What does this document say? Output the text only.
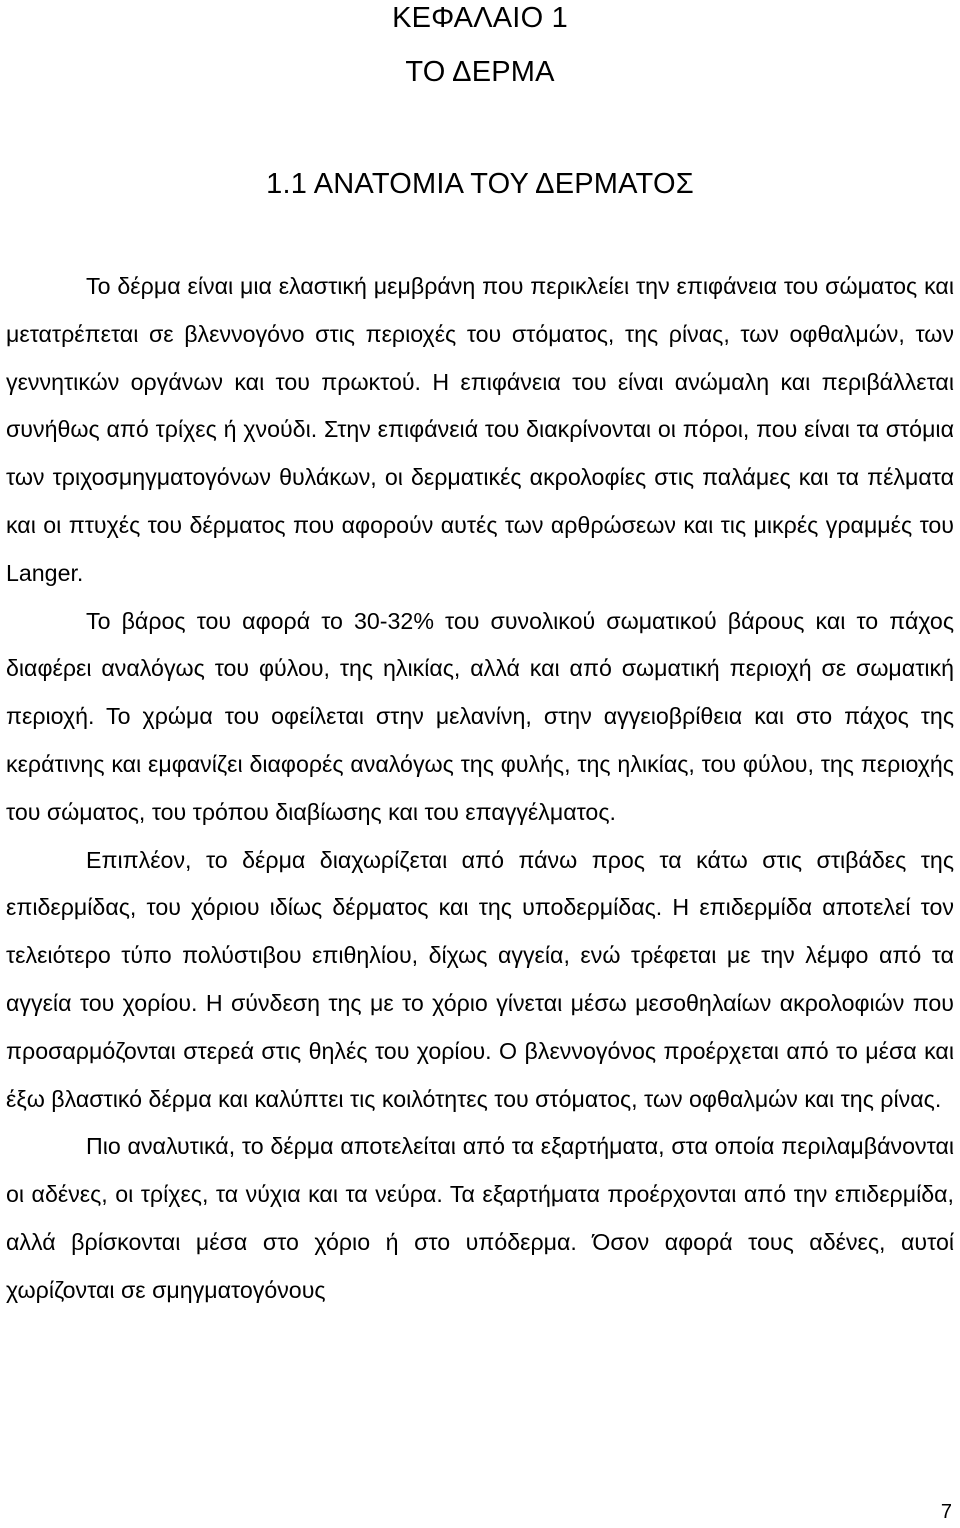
ΚΕΦΑΛΑΙΟ 1
ΤΟ ΔΕΡΜΑ
1.1 ΑΝΑΤΟΜΙΑ ΤΟΥ ΔΕΡΜΑΤΟΣ

Το δέρμα είναι μια ελαστική μεμβράνη που περικλείει την επιφάνεια του σώματος και μετατρέπεται σε βλεννογόνο στις περιοχές του στόματος, της ρίνας, των οφθαλμών, των γεννητικών οργάνων και του πρωκτού. Η επιφάνεια του είναι ανώμαλη και περιβάλλεται συνήθως από τρίχες ή χνούδι. Στην επιφάνειά του διακρίνονται οι πόροι, που είναι τα στόμια των τριχοσμηγματογόνων θυλάκων, οι δερματικές ακρολοφίες στις παλάμες και τα πέλματα και οι πτυχές του δέρματος που αφορούν αυτές των αρθρώσεων και τις μικρές γραμμές του Langer.

Το βάρος του αφορά το 30-32% του συνολικού σωματικού βάρους και το πάχος διαφέρει αναλόγως του φύλου, της ηλικίας, αλλά και από σωματική περιοχή σε σωματική περιοχή. Το χρώμα του οφείλεται στην μελανίνη, στην αγγειοβρίθεια και στο πάχος της κεράτινης και εμφανίζει διαφορές αναλόγως της φυλής, της ηλικίας, του φύλου, της περιοχής του σώματος, του τρόπου διαβίωσης και του επαγγέλματος.

Επιπλέον, το δέρμα διαχωρίζεται από πάνω προς τα κάτω στις στιβάδες της επιδερμίδας, του χόριου ιδίως δέρματος και της υποδερμίδας. Η επιδερμίδα αποτελεί τον τελειότερο τύπο πολύστιβου επιθηλίου, δίχως αγγεία, ενώ τρέφεται με την λέμφο από τα αγγεία του χορίου. Η σύνδεση της με το χόριο γίνεται μέσω μεσοθηλαίων ακρολοφιών που προσαρμόζονται στερεά στις θηλές του χορίου. Ο βλεννογόνος προέρχεται από το μέσα και έξω βλαστικό δέρμα και καλύπτει τις κοιλότητες του στόματος, των οφθαλμών και της ρίνας.

Πιο αναλυτικά, το δέρμα αποτελείται από τα εξαρτήματα, στα οποία περιλαμβάνονται οι αδένες, οι τρίχες, τα νύχια και τα νεύρα. Τα εξαρτήματα προέρχονται από την επιδερμίδα, αλλά βρίσκονται μέσα στο χόριο ή στο υπόδερμα. Όσον αφορά τους αδένες, αυτοί χωρίζονται σε σμηγματογόνους

7
